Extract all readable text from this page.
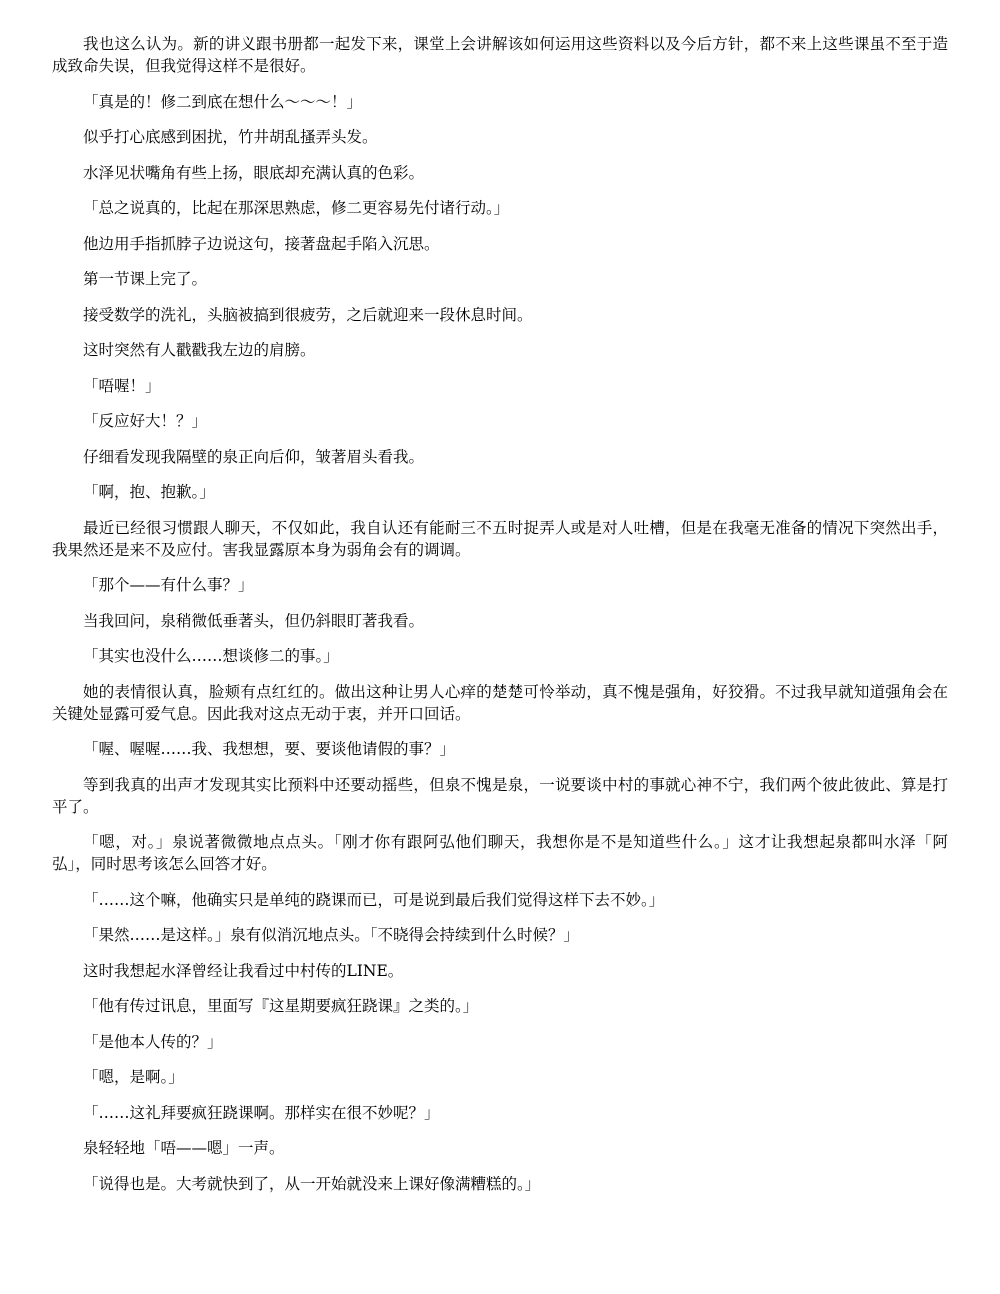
我也这么认为。新的讲义跟书册都一起发下来，课堂上会讲解该如何运用这些资料以及今后方针，都不来上这些课虽不至于造成致命失误，但我觉得这样不是很好。

「真是的！修二到底在想什么～～～！」

似乎打心底感到困扰，竹井胡乱搔弄头发。

水泽见状嘴角有些上扬，眼底却充满认真的色彩。

「总之说真的，比起在那深思熟虑，修二更容易先付诸行动。」

他边用手指抓脖子边说这句，接著盘起手陷入沉思。

第一节课上完了。

接受数学的洗礼，头脑被搞到很疲劳，之后就迎来一段休息时间。

这时突然有人戳戳我左边的肩膀。

「唔喔！」

「反应好大！？」

仔细看发现我隔壁的泉正向后仰，皱著眉头看我。

「啊，抱、抱歉。」

最近已经很习惯跟人聊天，不仅如此，我自认还有能耐三不五时捉弄人或是对人吐槽，但是在我毫无准备的情况下突然出手，我果然还是来不及应付。害我显露原本身为弱角会有的调调。

「那个——有什么事？」

当我回问，泉稍微低垂著头，但仍斜眼盯著我看。

「其实也没什么……想谈修二的事。」

她的表情很认真，脸颊有点红红的。做出这种让男人心痒的楚楚可怜举动，真不愧是强角，好狡猾。不过我早就知道强角会在关键处显露可爱气息。因此我对这点无动于衷，并开口回话。

「喔、喔喔……我、我想想，要、要谈他请假的事？」

等到我真的出声才发现其实比预料中还要动摇些，但泉不愧是泉，一说要谈中村的事就心神不宁，我们两个彼此彼此、算是打平了。

「嗯，对。」泉说著微微地点点头。「刚才你有跟阿弘他们聊天，我想你是不是知道些什么。」这才让我想起泉都叫水泽「阿弘」，同时思考该怎么回答才好。

「……这个嘛，他确实只是单纯的跷课而已，可是说到最后我们觉得这样下去不妙。」

「果然……是这样。」泉有似消沉地点头。「不晓得会持续到什么时候？」

这时我想起水泽曾经让我看过中村传的LINE。

「他有传过讯息，里面写『这星期要疯狂跷课』之类的。」

「是他本人传的？」

「嗯，是啊。」

「……这礼拜要疯狂跷课啊。那样实在很不妙呢？」

泉轻轻地「唔——嗯」一声。

「说得也是。大考就快到了，从一开始就没来上课好像满糟糕的。」
